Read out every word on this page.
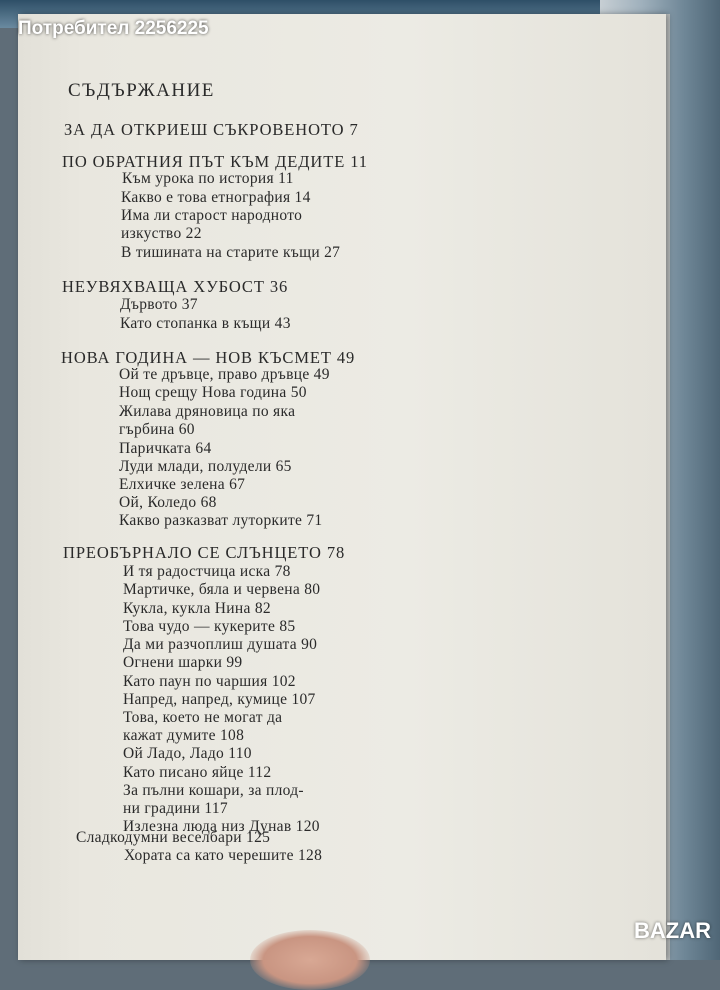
СЪДЪРЖАНИЕ
ЗА ДА ОТКРИЕШ СЪКРОВЕНОТО 7
ПО ОБРАТНИЯ ПЪТ КЪМ ДЕДИТЕ 11
Към урока по история 11
Какво е това етнография 14
Има ли старост народното
изкуство 22
В тишината на старите къщи 27
НЕУВЯХВАЩА ХУБОСТ 36
Дървото 37
Като стопанка в къщи 43
НОВА ГОДИНА — НОВ КЪСМЕТ 49
Ой те дръвце, право дръвце 49
Нощ срещу Нова година 50
Жилава дряновица по яка
гърбина 60
Паричката 64
Луди млади, полудели 65
Елхичке зелена 67
Ой, Коледо 68
Какво разказват луторките 71
ПРЕОБЪРНАЛО СЕ СЛЪНЦЕТО 78
И тя радостчица иска 78
Мартичке, бяла и червена 80
Кукла, кукла Нина 82
Това чудо — кукерите 85
Да ми разчоплиш душата 90
Огнени шарки 99
Като паун по чаршия 102
Напред, напред, кумице 107
Това, което не могат да
кажат думите 108
Ой Ладо, Ладо 110
Като писано яйце 112
За пълни кошари, за плод-
ни градини 117
Излезна люда низ Дунав 120
Сладкодумни веселбари 125
Хората са като черешите 128
Потребител 2256225
BAZAR
